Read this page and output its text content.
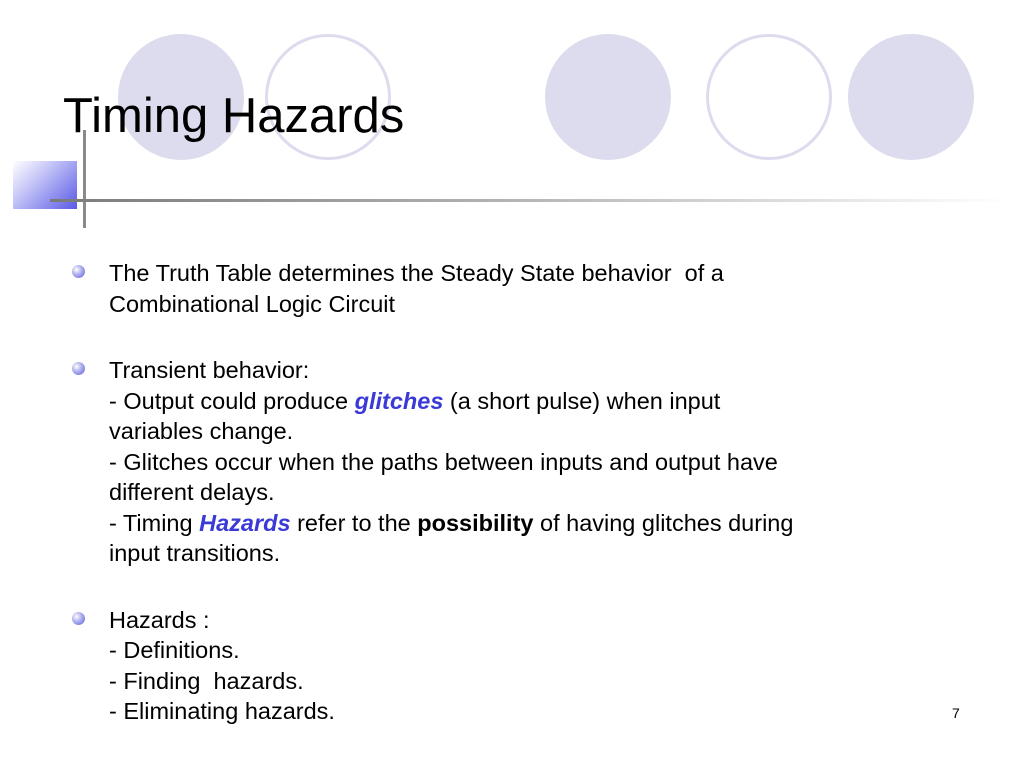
Timing Hazards
The Truth Table determines the Steady State behavior  of a
Combinational Logic Circuit
Transient behavior:
- Output could produce glitches (a short pulse) when input
variables change.
- Glitches occur when the paths between inputs and output have
different delays.
- Timing Hazards refer to the possibility of having glitches during
input transitions.
Hazards :
- Definitions.
- Finding  hazards.
- Eliminating hazards.	7
